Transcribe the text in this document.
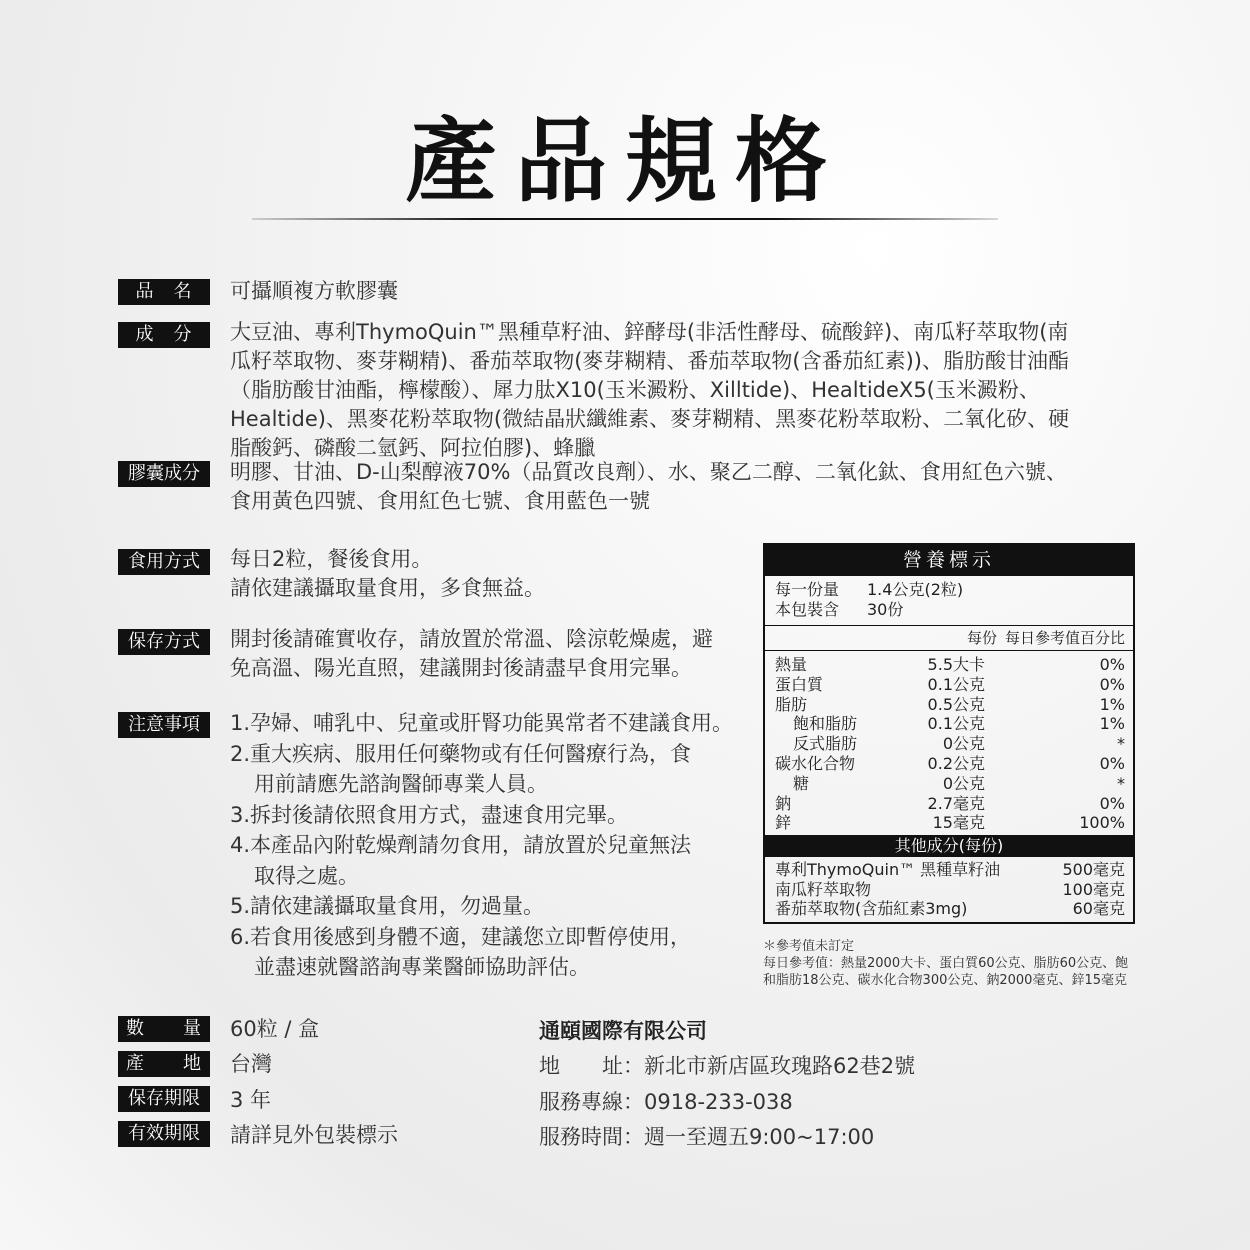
產品規格
品　名	可攝順複方軟膠囊
成　分	大豆油、專利ThymoQuin™黑種草籽油、鋅酵母(非活性酵母、硫酸鋅)、南瓜籽萃取物(南
瓜籽萃取物、麥芽糊精)、番茄萃取物(麥芽糊精、番茄萃取物(含番茄紅素))、脂肪酸甘油酯
（脂肪酸甘油酯，檸檬酸）、犀力肽X10(玉米澱粉、Xilltide)、HealtideX5(玉米澱粉、
Healtide)、黑麥花粉萃取物(微結晶狀纖維素、麥芽糊精、黑麥花粉萃取粉、二氧化矽、硬
脂酸鈣、磷酸二氫鈣、阿拉伯膠)、蜂臘
膠囊成分	明膠、甘油、D-山梨醇液70%（品質改良劑）、水、聚乙二醇、二氧化鈦、食用紅色六號、
食用黃色四號、食用紅色七號、食用藍色一號
食用方式	每日2粒，餐後食用。
請依建議攝取量食用，多食無益。
保存方式	開封後請確實收存，請放置於常溫、陰涼乾燥處，避
免高溫、陽光直照，建議開封後請盡早食用完畢。
注意事項	1.孕婦、哺乳中、兒童或肝腎功能異常者不建議食用。
2.重大疾病、服用任何藥物或有任何醫療行為，食
用前請應先諮詢醫師專業人員。
3.拆封後請依照食用方式，盡速食用完畢。
4.本產品內附乾燥劑請勿食用，請放置於兒童無法
取得之處。
5.請依建議攝取量食用，勿過量。
6.若食用後感到身體不適，建議您立即暫停使用，
並盡速就醫諮詢專業醫師協助評估。
營養標示
每一份量 1.4公克(2粒)
本包裝含 30份
每份 每日參考值百分比
熱量	5.5大卡	0%
蛋白質	0.1公克	0%
脂肪	0.5公克	1%
飽和脂肪	0.1公克	1%
反式脂肪	0公克	*
碳水化合物	0.2公克	0%
糖	0公克	*
鈉	2.7毫克	0%
鋅	15毫克	100%
其他成分(每份)
專利ThymoQuin™ 黑種草籽油	500毫克
南瓜籽萃取物	100毫克
番茄萃取物(含茄紅素3mg)	60毫克
＊參考值未訂定
每日參考值：熱量2000大卡、蛋白質60公克、脂肪60公克、飽
和脂肪18公克、碳水化合物300公克、鈉2000毫克、鋅15毫克
數　量	60粒 / 盒
產　地	台灣
保存期限	3 年
有效期限	請詳見外包裝標示
通頤國際有限公司
地　　址：新北市新店區玫瑰路62巷2號
服務專線：0918-233-038
服務時間：週一至週五9:00~17:00
